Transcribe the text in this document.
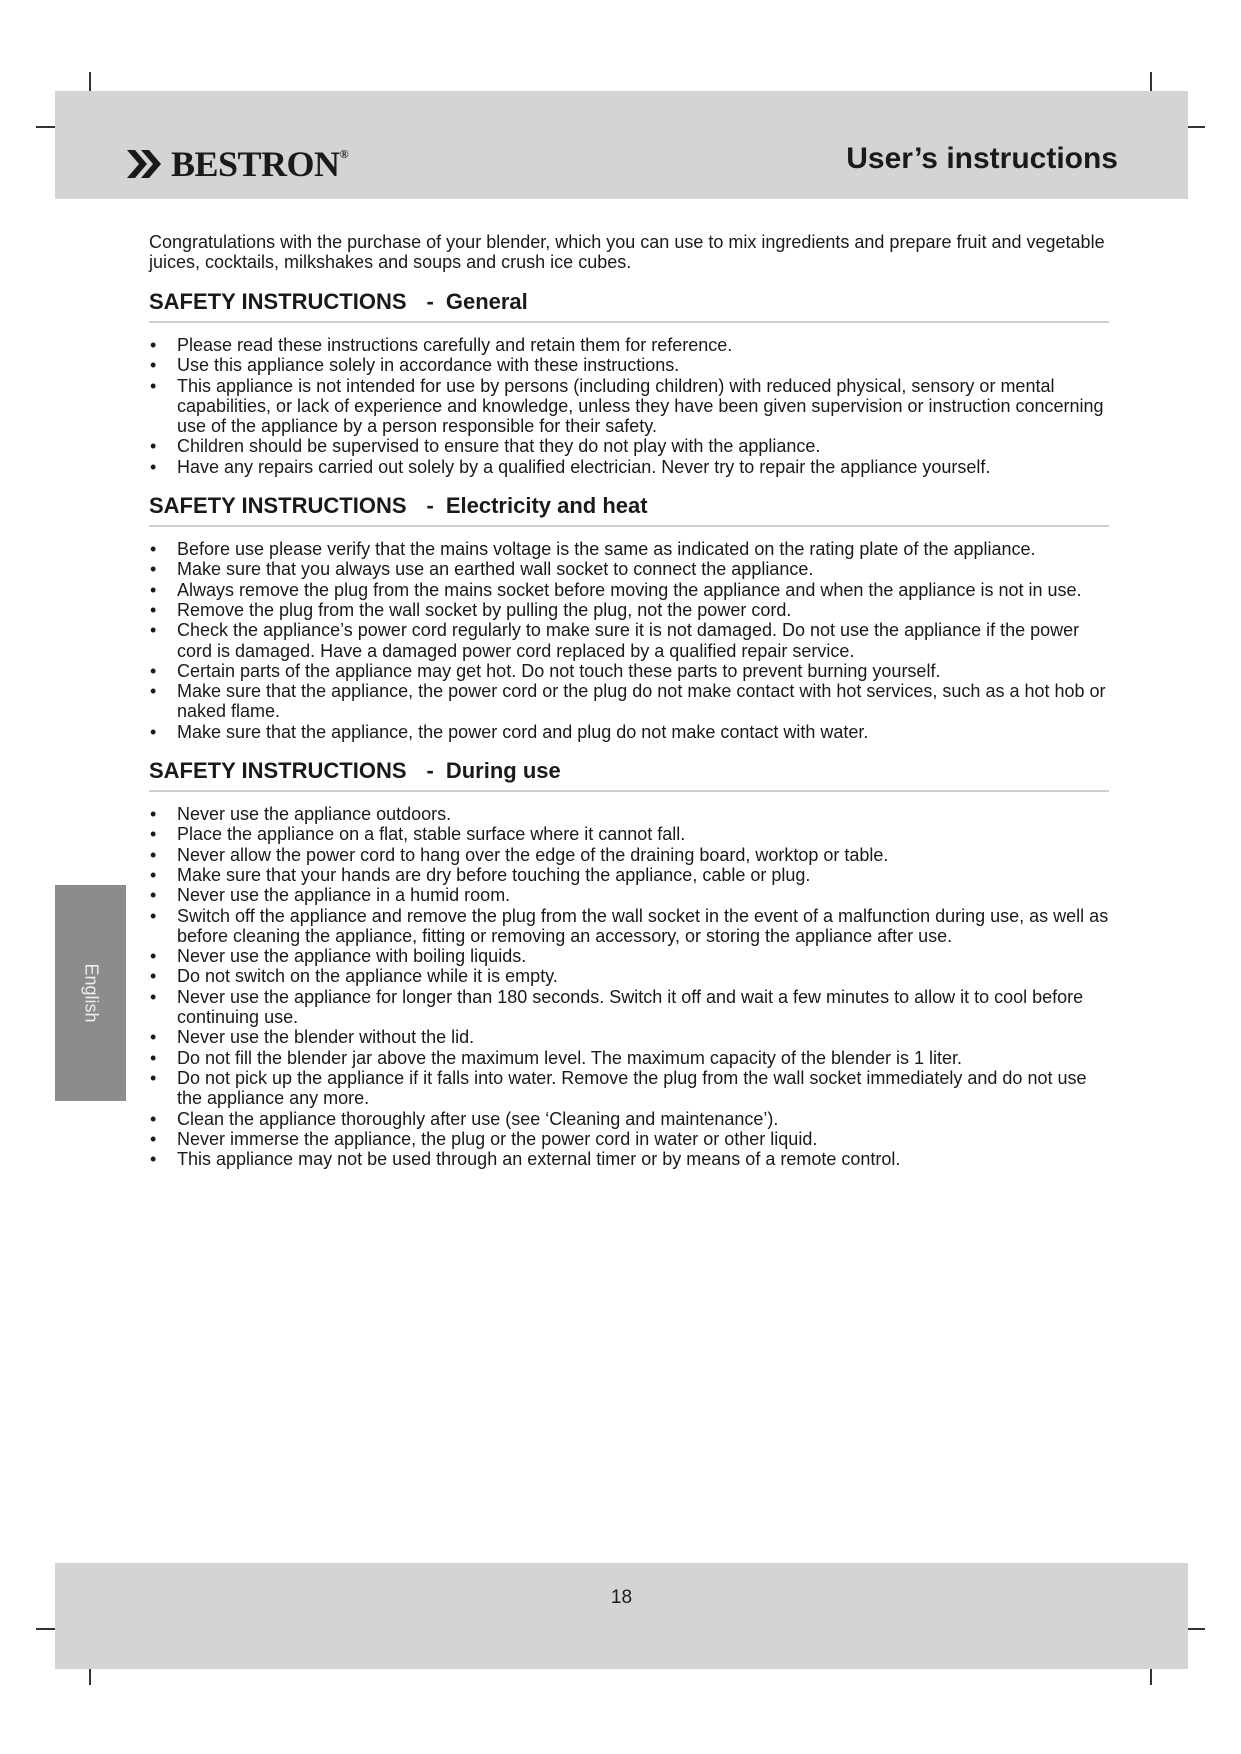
BESTRON®	User’s instructions
English

Congratulations with the purchase of your blender, which you can use to mix ingredients and prepare fruit and vegetable juices, cocktails, milkshakes and soups and crush ice cubes.

SAFETY INSTRUCTIONS - General
• Please read these instructions carefully and retain them for reference.
• Use this appliance solely in accordance with these instructions.
• This appliance is not intended for use by persons (including children) with reduced physical, sensory or mental capabilities, or lack of experience and knowledge, unless they have been given supervision or instruction concerning use of the appliance by a person responsible for their safety.
• Children should be supervised to ensure that they do not play with the appliance.
• Have any repairs carried out solely by a qualified electrician. Never try to repair the appliance yourself.
SAFETY INSTRUCTIONS - Electricity and heat
• Before use please verify that the mains voltage is the same as indicated on the rating plate of the appliance.
• Make sure that you always use an earthed wall socket to connect the appliance.
• Always remove the plug from the mains socket before moving the appliance and when the appliance is not in use.
• Remove the plug from the wall socket by pulling the plug, not the power cord.
• Check the appliance’s power cord regularly to make sure it is not damaged. Do not use the appliance if the power cord is damaged. Have a damaged power cord replaced by a qualified repair service.
• Certain parts of the appliance may get hot. Do not touch these parts to prevent burning yourself.
• Make sure that the appliance, the power cord or the plug do not make contact with hot services, such as a hot hob or naked flame.
• Make sure that the appliance, the power cord and plug do not make contact with water.
SAFETY INSTRUCTIONS - During use
• Never use the appliance outdoors.
• Place the appliance on a flat, stable surface where it cannot fall.
• Never allow the power cord to hang over the edge of the draining board, worktop or table.
• Make sure that your hands are dry before touching the appliance, cable or plug.
• Never use the appliance in a humid room.
• Switch off the appliance and remove the plug from the wall socket in the event of a malfunction during use, as well as before cleaning the appliance, fitting or removing an accessory, or storing the appliance after use.
• Never use the appliance with boiling liquids.
• Do not switch on the appliance while it is empty.
• Never use the appliance for longer than 180 seconds. Switch it off and wait a few minutes to allow it to cool before continuing use.
• Never use the blender without the lid.
• Do not fill the blender jar above the maximum level. The maximum capacity of the blender is 1 liter.
• Do not pick up the appliance if it falls into water. Remove the plug from the wall socket immediately and do not use the appliance any more.
• Clean the appliance thoroughly after use (see ‘Cleaning and maintenance’).
• Never immerse the appliance, the plug or the power cord in water or other liquid.
• This appliance may not be used through an external timer or by means of a remote control.
18
